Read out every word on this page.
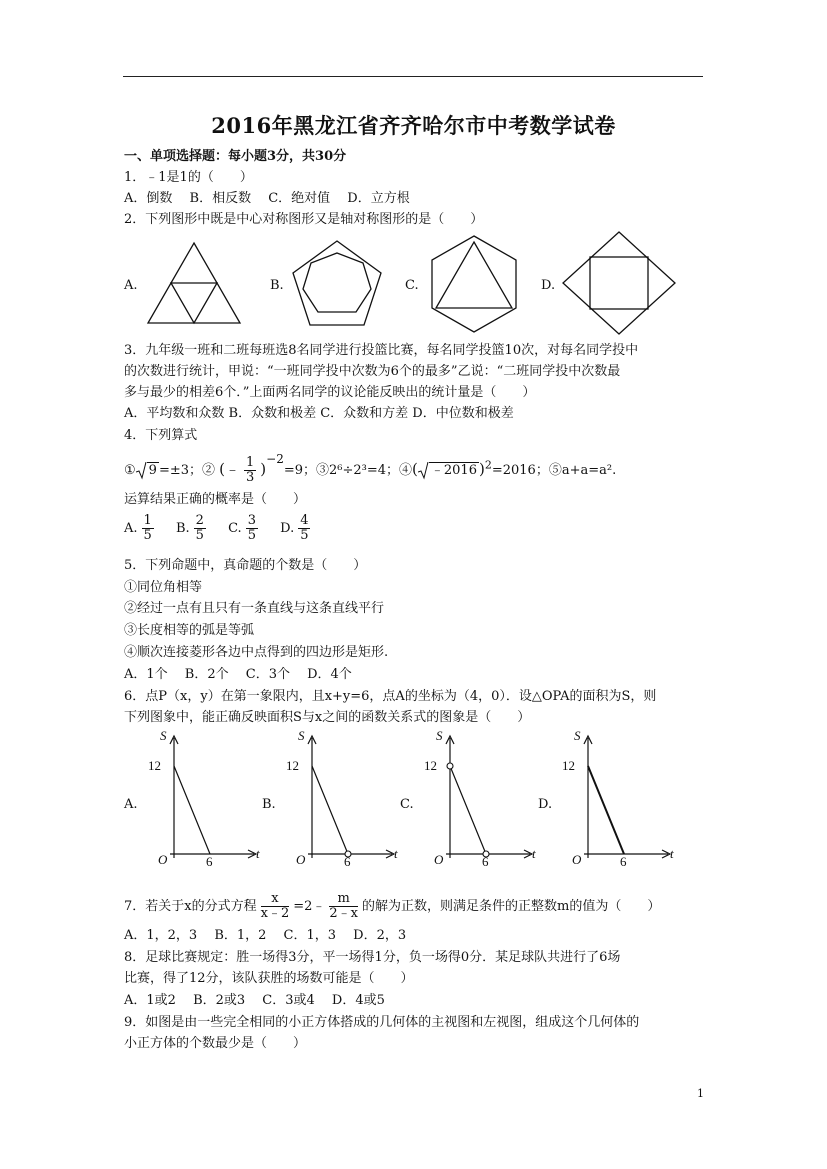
2016年黑龙江省齐齐哈尔市中考数学试卷
一、单项选择题：每小题3分，共30分
1．﹣1是1的（　　）
A．倒数　 B．相反数　 C．绝对值　 D．立方根
2．下列图形中既是中心对称图形又是轴对称图形的是（　　）
A.	B.	C.	D.
3．九年级一班和二班每班选8名同学进行投篮比赛，每名同学投篮10次，对每名同学投中
的次数进行统计，甲说：“一班同学投中次数为6个的最多”乙说：“二班同学投中次数最
多与最少的相差6个．”上面两名同学的议论能反映出的统计量是（　　）
A．平均数和众数 B．众数和极差 C．众数和方差 D．中位数和极差
4．下列算式
① 9 =±3；② (﹣ $\frac{1}{3} )^{-2}=9$；③2⁶÷2³=4；④( ﹣2016 )$^2$=2016；⑤a+a=a².
运算结果正确的概率是（　　）
A. $\frac{1}{5} B$. $\frac{2}{5} C$. $\frac{3}{5} D$. $\frac{4}{5}$
5．下列命题中，真命题的个数是（　　）
①同位角相等
②经过一点有且只有一条直线与这条直线平行
③长度相等的弧是等弧
④顺次连接菱形各边中点得到的四边形是矩形.
A．1个　 B．2个　 C．3个　 D．4个
6．点P（x，y）在第一象限内，且x+y=6，点A的坐标为（4，0）．设△OPA的面积为S，则
下列图象中，能正确反映面积S与x之间的函数关系式的图象是（　　）
A.
S
t
O
12
6
B.
S
t
O
12
6
C.
S
t
O
12
6
D.
S
t
O
12
6
7．若关于x的分式方程 $\frac{x}{x﹣2}$ =2﹣ $\frac{m}{2﹣x}$ 的解为正数，则满足条件的正整数m的值为（　　）
A．1，2，3　 B．1，2　 C．1，3　 D．2，3
8．足球比赛规定：胜一场得3分，平一场得1分，负一场得0分．某足球队共进行了6场
比赛，得了12分，该队获胜的场数可能是（　　）
A．1或2　 B．2或3　 C．3或4　 D．4或5
9．如图是由一些完全相同的小正方体搭成的几何体的主视图和左视图，组成这个几何体的
小正方体的个数最少是（　　）
1
